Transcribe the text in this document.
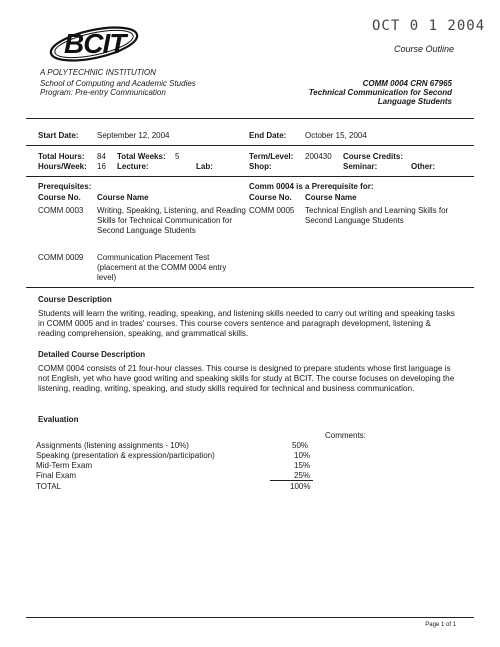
OCT 0 1 2004
Course Outline
BCIT
A POLYTECHNIC INSTITUTION
School of Computing and Academic Studies
Program: Pre-entry Communication
COMM 0004 CRN 67965
Technical Communication for Second
Language Students
Start Date: September 12, 2004	End Date: October 15, 2004
Total Hours: 84 Total Weeks: 5	Term/Level: 200430 Course Credits:
Hours/Week: 16 Lecture:	Lab:	Shop:	Seminar:	Other:
Prerequisites:
Course No. Course Name
COMM 0003 Writing, Speaking, Listening, and Reading Skills for Technical Communication for Second Language Students
COMM 0009 Communication Placement Test (placement at the COMM 0004 entry level)
Comm 0004 is a Prerequisite for:
Course No. Course Name
COMM 0005 Technical English and Learning Skills for Second Language Students
Course Description
Students will learn the writing, reading, speaking, and listening skills needed to carry out writing and speaking tasks in COMM 0005 and in trades' courses. This course covers sentence and paragraph development, listening & reading comprehension, speaking, and grammatical skills.
Detailed Course Description
COMM 0004 consists of 21 four-hour classes. This course is designed to prepare students whose first language is not English, yet who have good writing and speaking skills for study at BCIT. The course focuses on developing the listening, reading, writing, speaking, and study skills required for technical and business communication.
Evaluation
Comments:
Assignments (listening assignments - 10%)	50%
Speaking (presentation & expression/participation)	10%
Mid-Term Exam	15%
Final Exam	25%
TOTAL	100%
Page 1 of 1
